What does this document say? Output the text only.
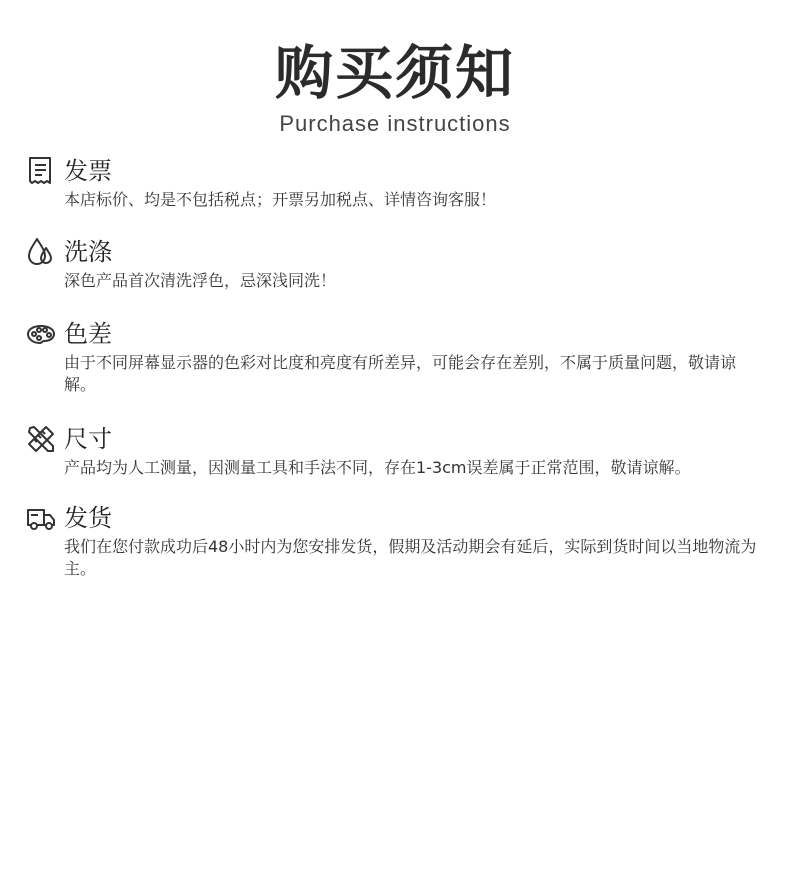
购买须知
Purchase instructions
发票
本店标价、均是不包括税点；开票另加税点、详情咨询客服！
洗涤
深色产品首次清洗浮色，忌深浅同洗！
色差
由于不同屏幕显示器的色彩对比度和亮度有所差异，可能会存在差别，不属于质量问题，敬请谅解。
尺寸
产品均为人工测量，因测量工具和手法不同，存在1-3cm误差属于正常范围，敬请谅解。
发货
我们在您付款成功后48小时内为您安排发货，假期及活动期会有延后，实际到货时间以当地物流为主。
